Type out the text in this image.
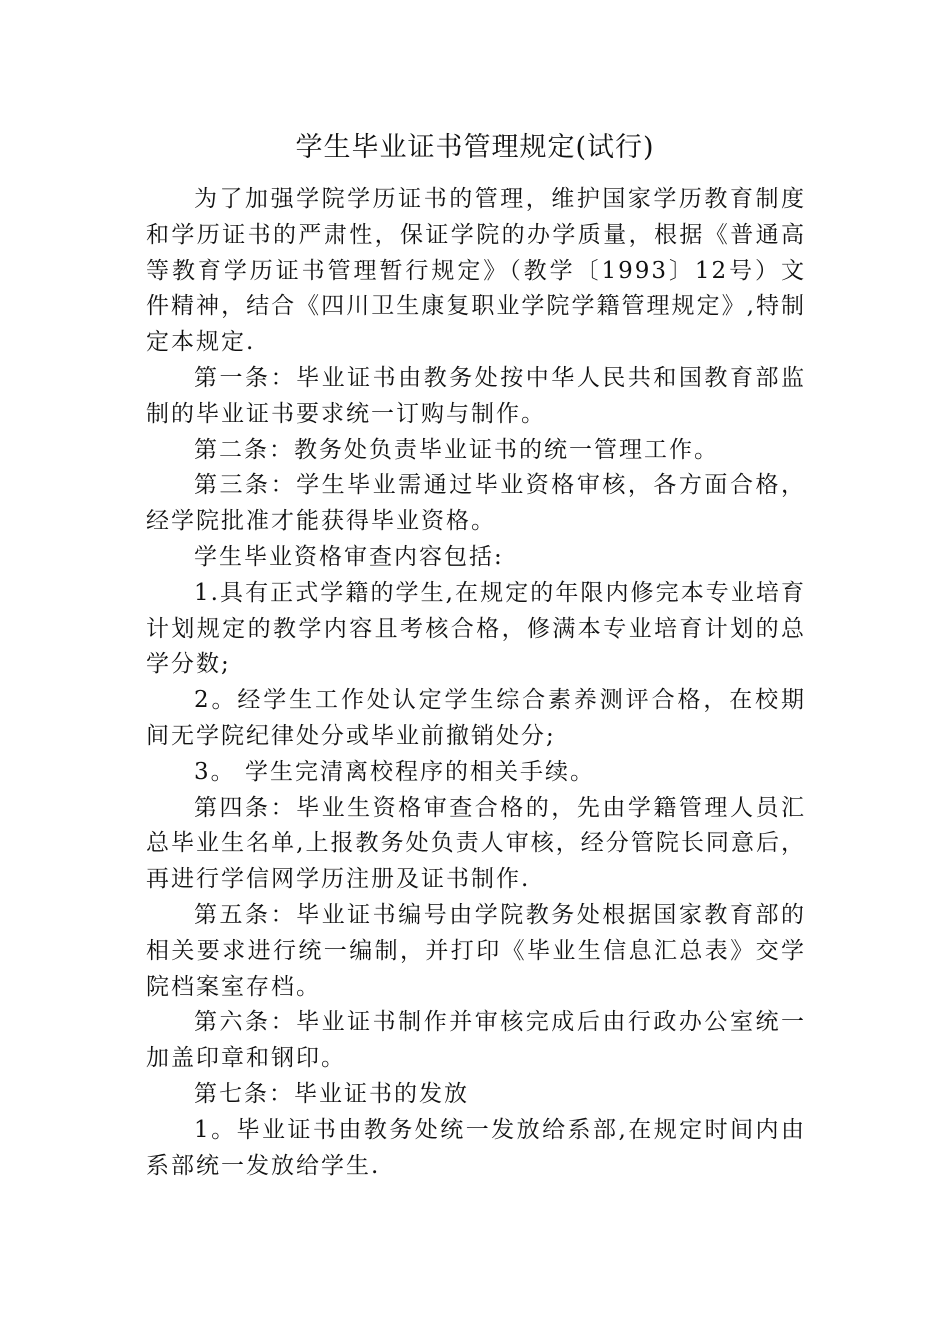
学生毕业证书管理规定(试行)

为了加强学院学历证书的管理，维护国家学历教育制度和学历证书的严肃性，保证学院的办学质量，根据《普通高等教育学历证书管理暂行规定》（教学〔1993〕12号）文件精神，结合《四川卫生康复职业学院学籍管理规定》,特制定本规定.

第一条：毕业证书由教务处按中华人民共和国教育部监制的毕业证书要求统一订购与制作。

第二条：教务处负责毕业证书的统一管理工作。

第三条：学生毕业需通过毕业资格审核，各方面合格，经学院批准才能获得毕业资格。

学生毕业资格审查内容包括:

1.具有正式学籍的学生,在规定的年限内修完本专业培育计划规定的教学内容且考核合格，修满本专业培育计划的总学分数;

2。经学生工作处认定学生综合素养测评合格，在校期间无学院纪律处分或毕业前撤销处分;

3。 学生完清离校程序的相关手续。

第四条：毕业生资格审查合格的，先由学籍管理人员汇总毕业生名单,上报教务处负责人审核，经分管院长同意后，再进行学信网学历注册及证书制作.

第五条：毕业证书编号由学院教务处根据国家教育部的相关要求进行统一编制，并打印《毕业生信息汇总表》交学院档案室存档。

第六条：毕业证书制作并审核完成后由行政办公室统一加盖印章和钢印。

第七条：毕业证书的发放

1。毕业证书由教务处统一发放给系部,在规定时间内由系部统一发放给学生.
